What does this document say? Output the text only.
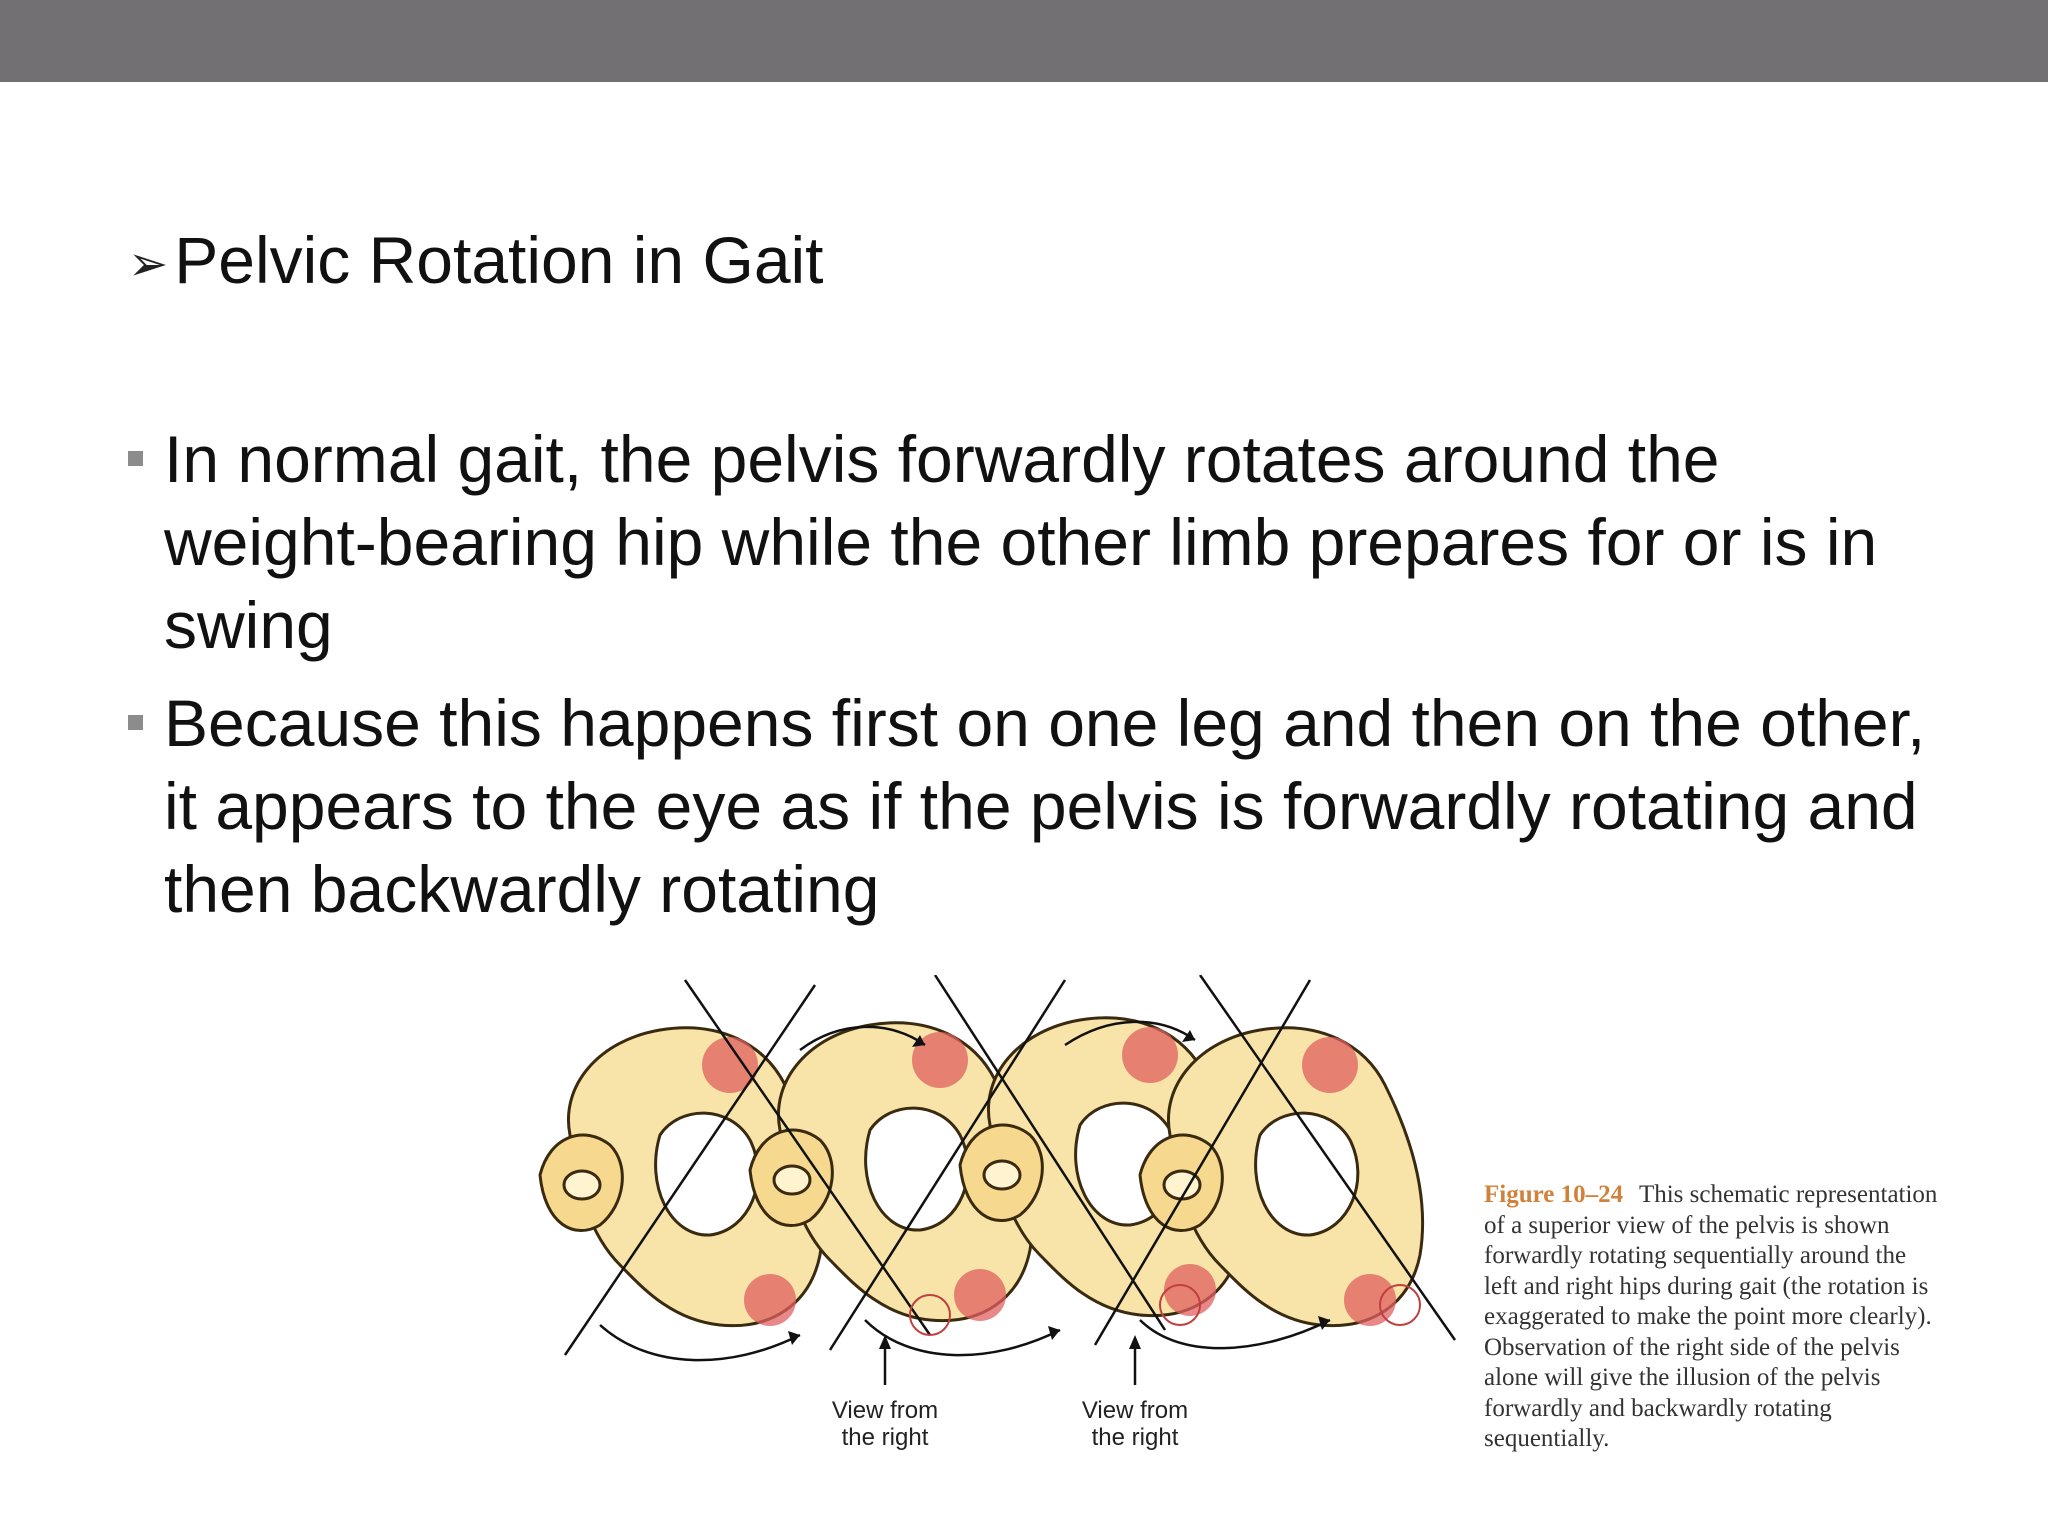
➢ Pelvic Rotation in Gait
In normal gait, the pelvis forwardly rotates around the weight-bearing hip while the other limb prepares for or is in swing
Because this happens first on one leg and then on the other, it appears to the eye as if the pelvis is forwardly rotating and then backwardly rotating
View from
the right
View from
the right
Figure 10–24 This schematic representation of a superior view of the pelvis is shown forwardly rotating sequentially around the left and right hips during gait (the rotation is exaggerated to make the point more clearly). Observation of the right side of the pelvis alone will give the illusion of the pelvis forwardly and backwardly rotating sequentially.
